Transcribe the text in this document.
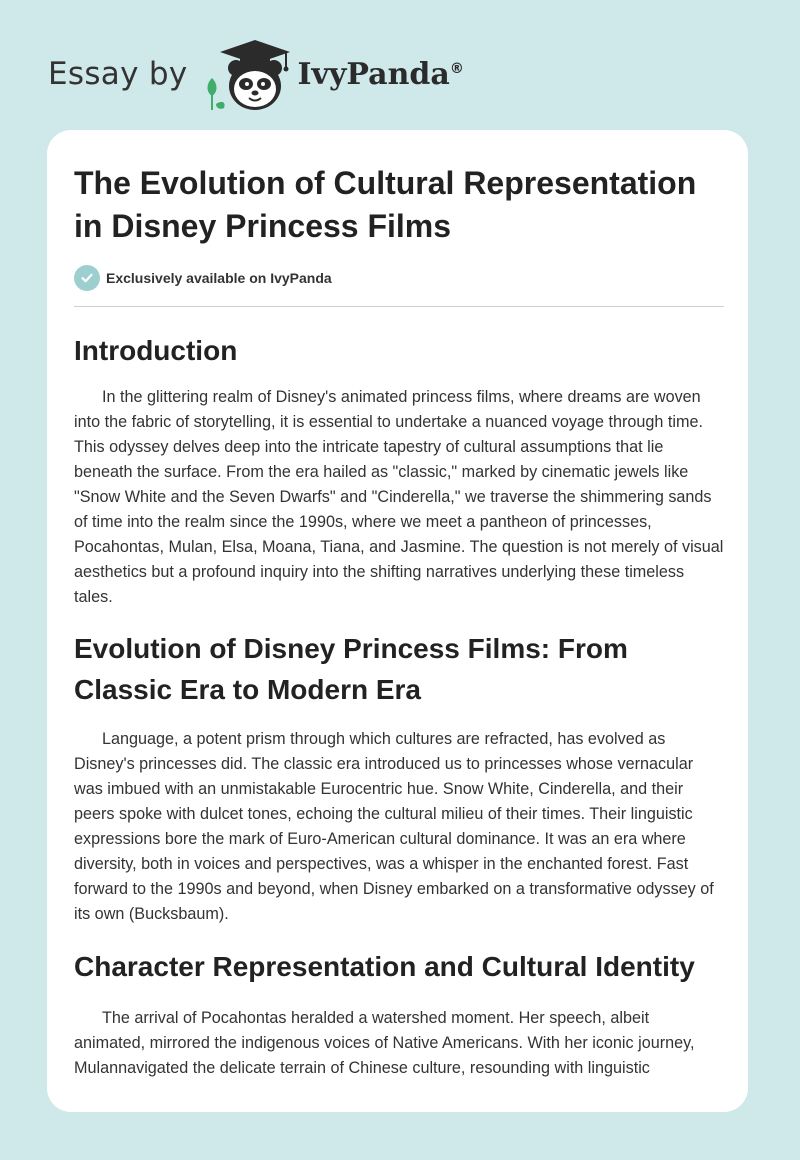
Essay by	IvyPanda®
The Evolution of Cultural Representation in Disney Princess Films
Exclusively available on IvyPanda
Introduction

In the glittering realm of Disney's animated princess films, where dreams are woven into the fabric of storytelling, it is essential to undertake a nuanced voyage through time. This odyssey delves deep into the intricate tapestry of cultural assumptions that lie beneath the surface. From the era hailed as "classic," marked by cinematic jewels like "Snow White and the Seven Dwarfs" and "Cinderella," we traverse the shimmering sands of time into the realm since the 1990s, where we meet a pantheon of princesses, Pocahontas, Mulan, Elsa, Moana, Tiana, and Jasmine. The question is not merely of visual aesthetics but a profound inquiry into the shifting narratives underlying these timeless tales.

Evolution of Disney Princess Films: From Classic Era to Modern Era

Language, a potent prism through which cultures are refracted, has evolved as Disney's princesses did. The classic era introduced us to princesses whose vernacular was imbued with an unmistakable Eurocentric hue. Snow White, Cinderella, and their peers spoke with dulcet tones, echoing the cultural milieu of their times. Their linguistic expressions bore the mark of Euro-American cultural dominance. It was an era where diversity, both in voices and perspectives, was a whisper in the enchanted forest. Fast forward to the 1990s and beyond, when Disney embarked on a transformative odyssey of its own (Bucksbaum).

Character Representation and Cultural Identity

The arrival of Pocahontas heralded a watershed moment. Her speech, albeit animated, mirrored the indigenous voices of Native Americans. With her iconic journey, Mulannavigated the delicate terrain of Chinese culture, resounding with linguistic
